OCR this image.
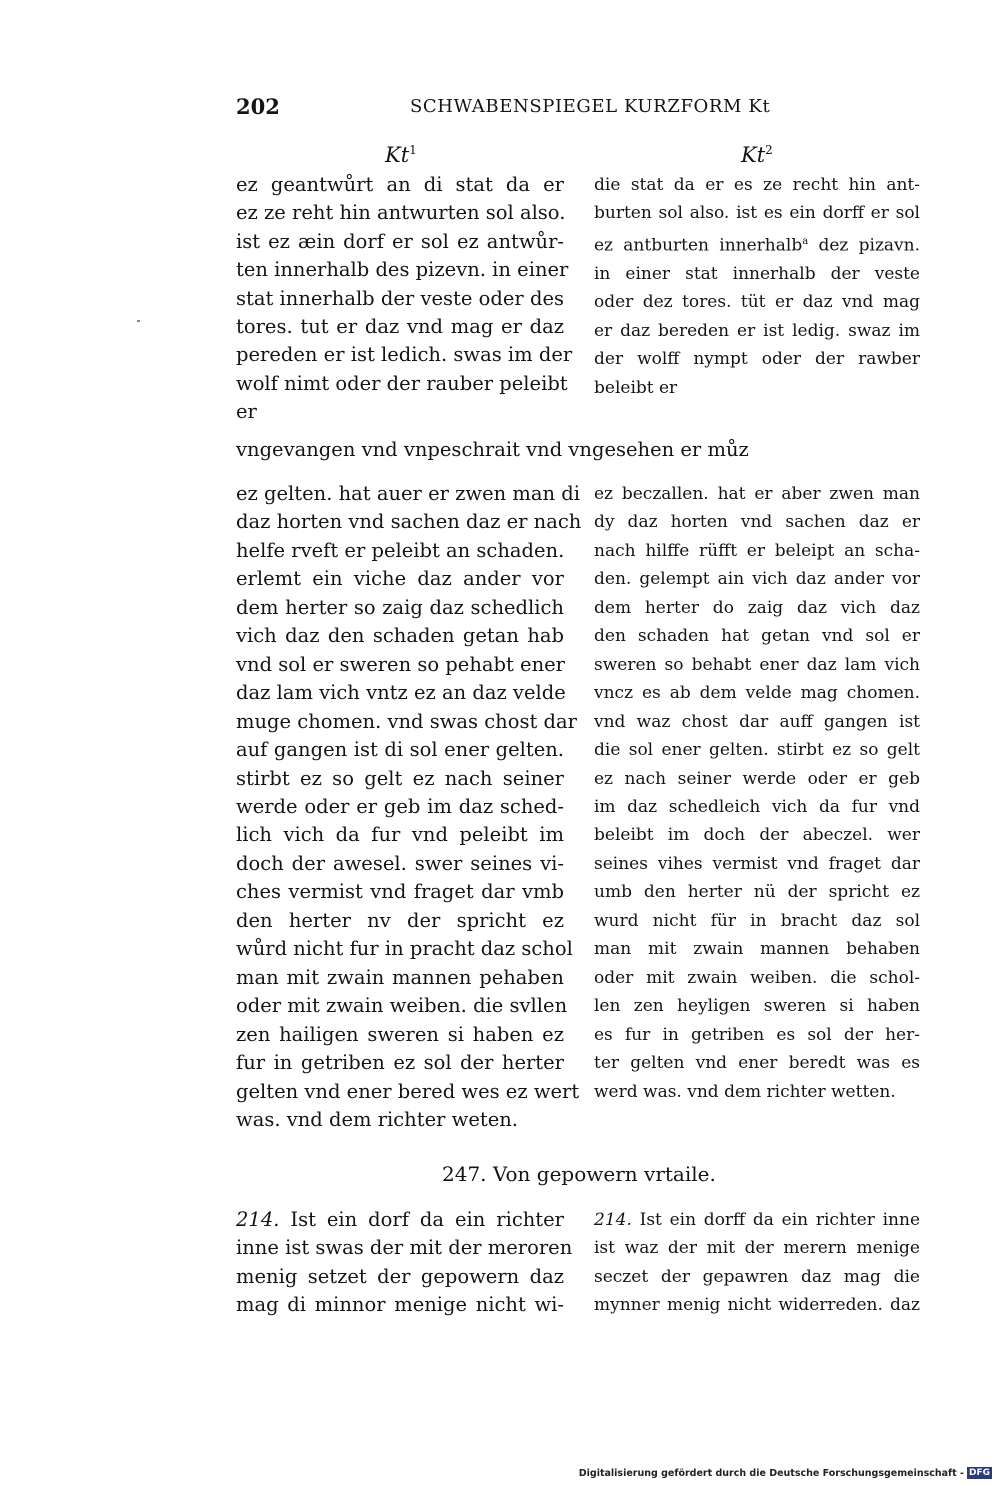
202	SCHWABENSPIEGEL KURZFORM Kt
Kt$^1$	Kt$^2$
ez geantwůrt an di stat da er
ez ze reht hin antwurten sol also.
ist ez æin dorf er sol ez antwůr-
ten innerhalb des pizevn. in einer
stat innerhalb der veste oder des
tores. tut er daz vnd mag er daz
pereden er ist ledich. swas im der
wolf nimt oder der rauber peleibt
er
die stat da er es ze recht hin ant-
burten sol also. ist es ein dorff er sol
ez antburten innerhalb$^a$ dez pizavn.
in einer stat innerhalb der veste
oder dez tores. tüt er daz vnd mag
er daz bereden er ist ledig. swaz im
der wolff nympt oder der rawber
beleibt er
vngevangen vnd vnpeschrait vnd vngesehen er můz
ez gelten. hat auer er zwen man di
daz horten vnd sachen daz er nach
helfe rveft er peleibt an schaden.
erlemt ein viche daz ander vor
dem herter so zaig daz schedlich
vich daz den schaden getan hab
vnd sol er sweren so pehabt ener
daz lam vich vntz ez an daz velde
muge chomen. vnd swas chost dar
auf gangen ist di sol ener gelten.
stirbt ez so gelt ez nach seiner
werde oder er geb im daz sched-
lich vich da fur vnd peleibt im
doch der awesel. swer seines vi-
ches vermist vnd fraget dar vmb
den herter nv der spricht ez
wůrd nicht fur in pracht daz schol
man mit zwain mannen pehaben
oder mit zwain weiben. die svllen
zen hailigen sweren si haben ez
fur in getriben ez sol der herter
gelten vnd ener bered wes ez wert
was. vnd dem richter weten.
ez beczallen. hat er aber zwen man
dy daz horten vnd sachen daz er
nach hilffe rüfft er beleipt an scha-
den. gelempt ain vich daz ander vor
dem herter do zaig daz vich daz
den schaden hat getan vnd sol er
sweren so behabt ener daz lam vich
vncz es ab dem velde mag chomen.
vnd waz chost dar auff gangen ist
die sol ener gelten. stirbt ez so gelt
ez nach seiner werde oder er geb
im daz schedleich vich da fur vnd
beleibt im doch der abeczel. wer
seines vihes vermist vnd fraget dar
umb den herter nü der spricht ez
wurd nicht für in bracht daz sol
man mit zwain mannen behaben
oder mit zwain weiben. die schol-
len zen heyligen sweren si haben
es fur in getriben es sol der her-
ter gelten vnd ener beredt was es
werd was. vnd dem richter wetten.
247. Von gepowern vrtaile.
214. Ist ein dorf da ein richter
inne ist swas der mit der meroren
menig setzet der gepowern daz
mag di minnor menige nicht wi-
214. Ist ein dorff da ein richter inne
ist waz der mit der merern menige
seczet der gepawren daz mag die
mynner menig nicht widerreden. daz
Digitalisierung gefördert durch die Deutsche Forschungsgemeinschaft - DFG
